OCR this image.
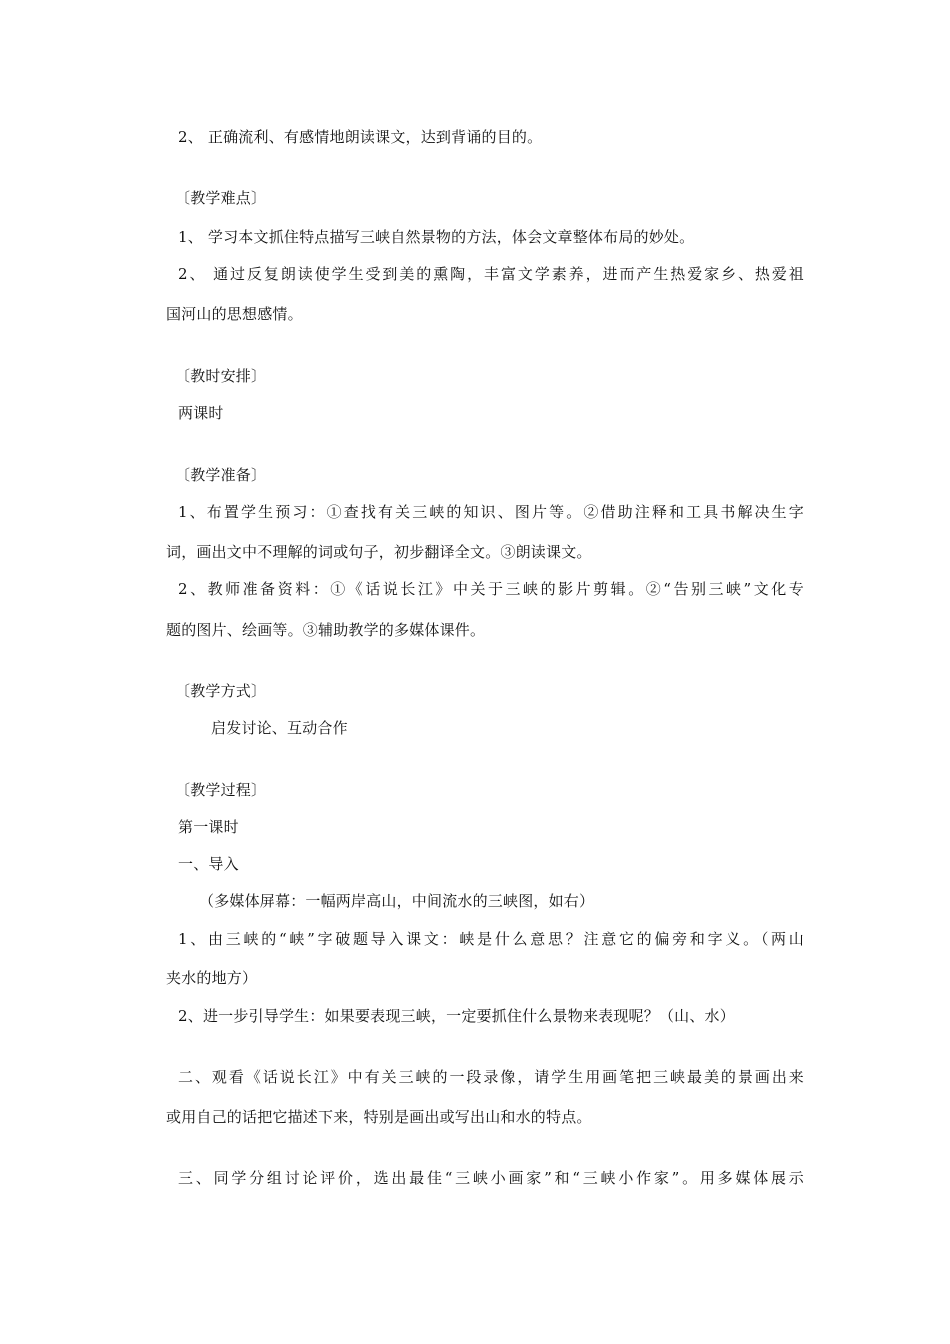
2、 正确流利、有感情地朗读课文，达到背诵的目的。
〔教学难点〕
1、 学习本文抓住特点描写三峡自然景物的方法，体会文章整体布局的妙处。
2、 通过反复朗读使学生受到美的熏陶，丰富文学素养，进而产生热爱家乡、热爱祖
国河山的思想感情。
〔教时安排〕
两课时
〔教学准备〕
1、布置学生预习：①查找有关三峡的知识、图片等。②借助注释和工具书解决生字
词，画出文中不理解的词或句子，初步翻译全文。③朗读课文。
2、教师准备资料：①《话说长江》中关于三峡的影片剪辑。②“告别三峡”文化专
题的图片、绘画等。③辅助教学的多媒体课件。
〔教学方式〕
启发讨论、互动合作
〔教学过程〕
第一课时
一、导入
（多媒体屏幕：一幅两岸高山，中间流水的三峡图，如右）
1、由三峡的“峡”字破题导入课文：峡是什么意思？注意它的偏旁和字义。（两山
夹水的地方）
2、进一步引导学生：如果要表现三峡，一定要抓住什么景物来表现呢？（山、水）
二、观看《话说长江》中有关三峡的一段录像，请学生用画笔把三峡最美的景画出来
或用自己的话把它描述下来，特别是画出或写出山和水的特点。
三、同学分组讨论评价，选出最佳“三峡小画家”和“三峡小作家”。用多媒体展示
